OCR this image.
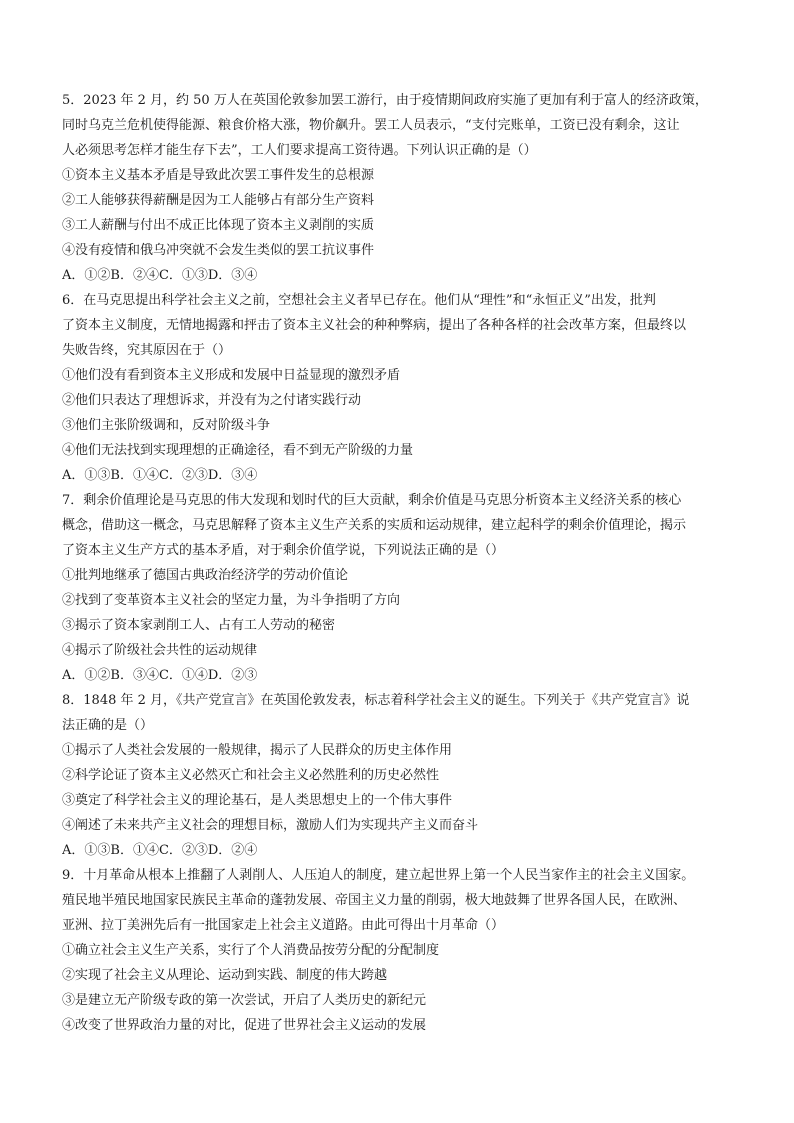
5．2023 年 2 月，约 50 万人在英国伦敦参加罢工游行，由于疫情期间政府实施了更加有利于富人的经济政策，
同时乌克兰危机使得能源、粮食价格大涨，物价飙升。罢工人员表示，“支付完账单，工资已没有剩余，这让
人必须思考怎样才能生存下去”，工人们要求提高工资待遇。下列认识正确的是（）
①资本主义基本矛盾是导致此次罢工事件发生的总根源
②工人能够获得薪酬是因为工人能够占有部分生产资料
③工人薪酬与付出不成正比体现了资本主义剥削的实质
④没有疫情和俄乌冲突就不会发生类似的罢工抗议事件
A．①②B．②④C．①③D．③④
6．在马克思提出科学社会主义之前，空想社会主义者早已存在。他们从“理性”和“永恒正义”出发，批判
了资本主义制度，无情地揭露和抨击了资本主义社会的种种弊病，提出了各种各样的社会改革方案，但最终以
失败告终，究其原因在于（）
①他们没有看到资本主义形成和发展中日益显现的激烈矛盾
②他们只表达了理想诉求，并没有为之付诸实践行动
③他们主张阶级调和，反对阶级斗争
④他们无法找到实现理想的正确途径，看不到无产阶级的力量
A．①③B．①④C．②③D．③④
7．剩余价值理论是马克思的伟大发现和划时代的巨大贡献，剩余价值是马克思分析资本主义经济关系的核心
概念，借助这一概念，马克思解释了资本主义生产关系的实质和运动规律，建立起科学的剩余价值理论，揭示
了资本主义生产方式的基本矛盾，对于剩余价值学说，下列说法正确的是（）
①批判地继承了德国古典政治经济学的劳动价值论
②找到了变革资本主义社会的坚定力量，为斗争指明了方向
③揭示了资本家剥削工人、占有工人劳动的秘密
④揭示了阶级社会共性的运动规律
A．①②B．③④C．①④D．②③
8．1848 年 2 月，《共产党宣言》在英国伦敦发表，标志着科学社会主义的诞生。下列关于《共产党宣言》说
法正确的是（）
①揭示了人类社会发展的一般规律，揭示了人民群众的历史主体作用
②科学论证了资本主义必然灭亡和社会主义必然胜利的历史必然性
③奠定了科学社会主义的理论基石，是人类思想史上的一个伟大事件
④阐述了未来共产主义社会的理想目标，激励人们为实现共产主义而奋斗
A．①③B．①④C．②③D．②④
9．十月革命从根本上推翻了人剥削人、人压迫人的制度，建立起世界上第一个人民当家作主的社会主义国家。
殖民地半殖民地国家民族民主革命的蓬勃发展、帝国主义力量的削弱，极大地鼓舞了世界各国人民，在欧洲、
亚洲、拉丁美洲先后有一批国家走上社会主义道路。由此可得出十月革命（）
①确立社会主义生产关系，实行了个人消费品按劳分配的分配制度
②实现了社会主义从理论、运动到实践、制度的伟大跨越
③是建立无产阶级专政的第一次尝试，开启了人类历史的新纪元
④改变了世界政治力量的对比，促进了世界社会主义运动的发展
